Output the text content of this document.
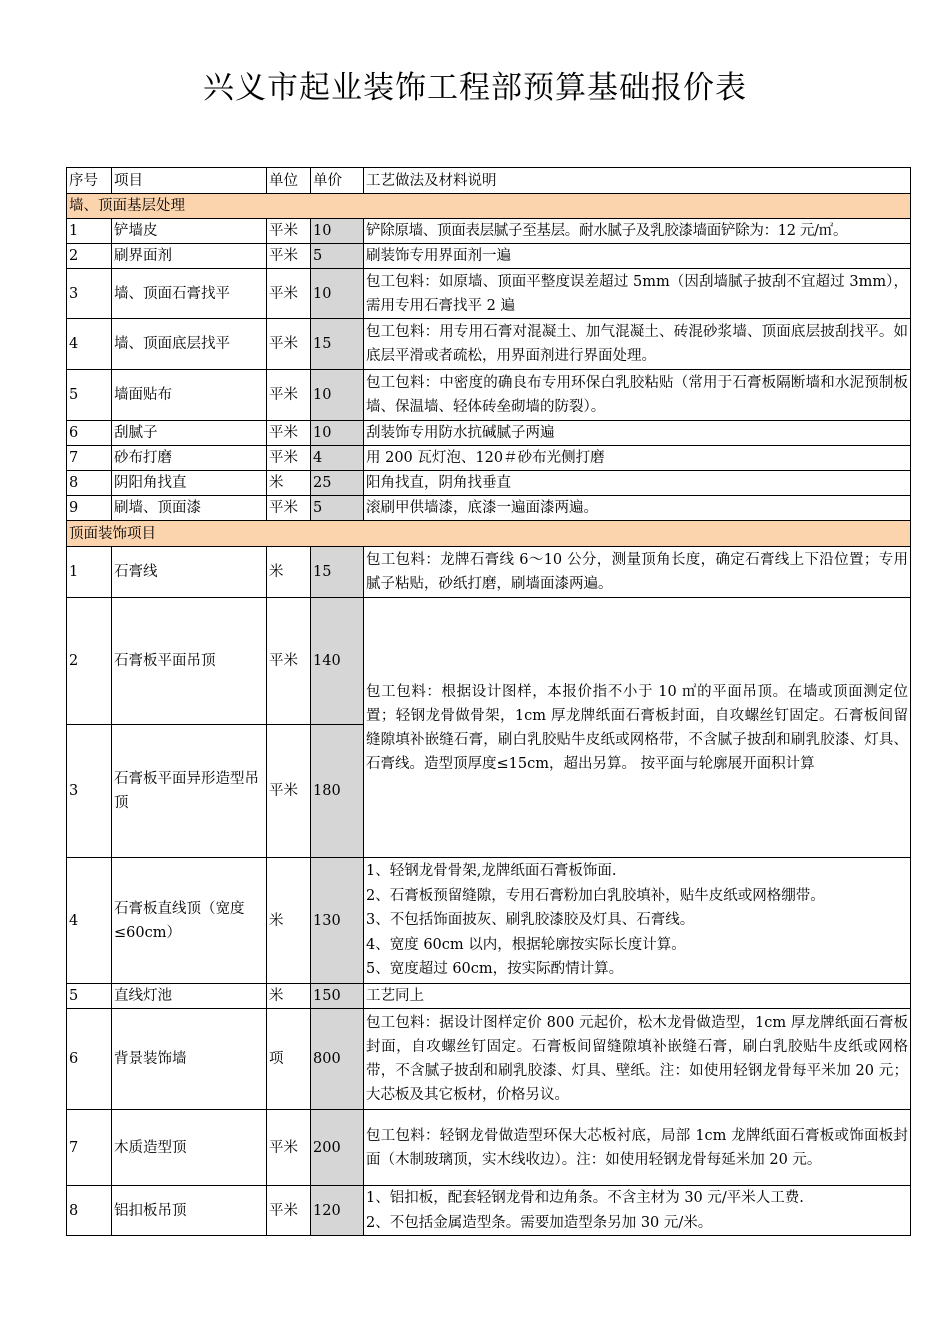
兴义市起业装饰工程部预算基础报价表
序号	项目	单位	单价	工艺做法及材料说明
墙、顶面基层处理				
1	铲墙皮	平米	10	铲除原墙、顶面表层腻子至基层。耐水腻子及乳胶漆墙面铲除为：12 元/㎡。
2	刷界面剂	平米	5	刷装饰专用界面剂一遍
3	墙、顶面石膏找平	平米	10	包工包料：如原墙、顶面平整度误差超过 5mm（因刮墙腻子披刮不宜超过 3mm），需用专用石膏找平 2 遍
4	墙、顶面底层找平	平米	15	包工包料：用专用石膏对混凝土、加气混凝土、砖混砂浆墙、顶面底层披刮找平。如底层平滑或者疏松，用界面剂进行界面处理。
5	墙面贴布	平米	10	包工包料：中密度的确良布专用环保白乳胶粘贴（常用于石膏板隔断墙和水泥预制板墙、保温墙、轻体砖垒砌墙的防裂）。
6	刮腻子	平米	10	刮装饰专用防水抗碱腻子两遍
7	砂布打磨	平米	4	用 200 瓦灯泡、120＃砂布光侧打磨
8	阴阳角找直	米	25	阳角找直，阴角找垂直
9	刷墙、顶面漆	平米	5	滚刷甲供墙漆，底漆一遍面漆两遍。
顶面装饰项目				
1	石膏线	米	15	包工包料：龙牌石膏线 6～10 公分，测量顶角长度，确定石膏线上下沿位置；专用腻子粘贴，砂纸打磨，刷墙面漆两遍。
2	石膏板平面吊顶	平米	140	包工包料：根据设计图样，本报价指不小于 10 ㎡的平面吊顶。在墙或顶面测定位置；轻钢龙骨做骨架，1cm 厚龙牌纸面石膏板封面，自攻螺丝钉固定。石膏板间留缝隙填补嵌缝石膏，刷白乳胶贴牛皮纸或网格带，不含腻子披刮和刷乳胶漆、灯具、石膏线。造型顶厚度≤15cm，超出另算。 按平面与轮廓展开面积计算
3	石膏板平面异形造型吊顶	平米	180	
4	石膏板直线顶（宽度≤60cm）	米	130	1、轻钢龙骨骨架,龙牌纸面石膏板饰面.
2、石膏板预留缝隙，专用石膏粉加白乳胶填补，贴牛皮纸或网格绷带。
3、不包括饰面披灰、刷乳胶漆胶及灯具、石膏线。
4、宽度 60cm 以内，根据轮廓按实际长度计算。
5、宽度超过 60cm，按实际酌情计算。

5	直线灯池	米	150	工艺同上
6	背景装饰墙	项	800	包工包料：据设计图样定价 800 元起价，松木龙骨做造型，1cm 厚龙牌纸面石膏板封面，自攻螺丝钉固定。石膏板间留缝隙填补嵌缝石膏，刷白乳胶贴牛皮纸或网格带，不含腻子披刮和刷乳胶漆、灯具、壁纸。注：如使用轻钢龙骨每平米加 20 元；大芯板及其它板材，价格另议。
7	木质造型顶	平米	200	包工包料：轻钢龙骨做造型环保大芯板衬底，局部 1cm 龙牌纸面石膏板或饰面板封面（木制玻璃顶，实木线收边）。注：如使用轻钢龙骨每延米加 20 元。
8	铝扣板吊顶	平米	120	1、铝扣板，配套轻钢龙骨和边角条。不含主材为 30 元/平米人工费.
2、不包括金属造型条。需要加造型条另加 30 元/米。
